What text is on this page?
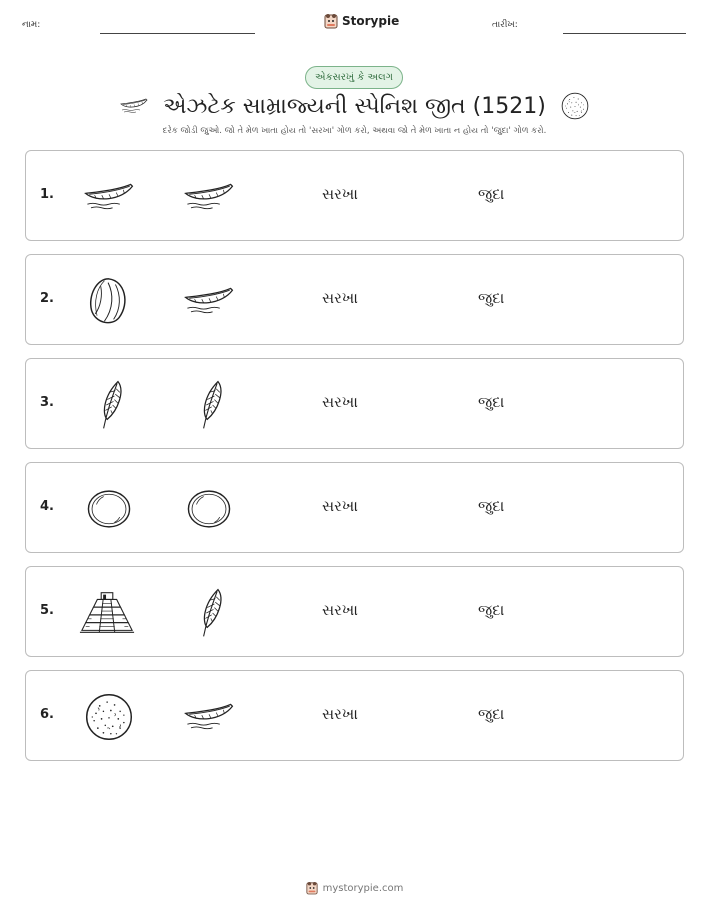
નામ:	Storypie	તારીખ:
એકસરખું કે અલગ
એઝટેક સામ્રાજ્યની સ્પેનિશ જીત (1521)
દરેક જોડી જુઓ. જો તે મેળ ખાતા હોય તો 'સરખા' ગોળ કરો, અથવા જો તે મેળ ખાતા ન હોય તો 'જુદા' ગોળ કરો.
1.	સરખા	જુદા
2.	સરખા	જુદા
3.	સરખા	જુદા
4.	સરખા	જુદા
5.	સરખા	જુદા
6.	સરખા	જુદા
mystorypie.com
